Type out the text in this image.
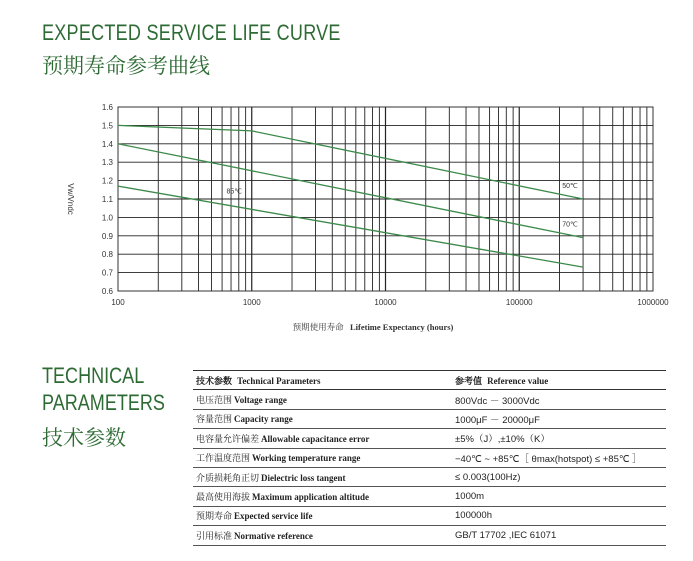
EXPECTED SERVICE LIFE CURVE
预期寿命参考曲线
1.6
1.5
1.4
1.3
1.2
1.1
1.0
0.9
0.8
0.7
0.6
100	1000	10000	100000	1000000
50℃
70℃
85℃
Vw/Vndc
预期使用寿命 Lifetime Expectancy (hours)
TECHNICAL
PARAMETERS
技术参数
技术参数 Technical Parameters	参考值 Reference value
电压范围 Voltage range	800Vdc － 3000Vdc
容量范围 Capacity range	1000μF － 20000μF
电容量允许偏差 Allowable capacitance error	±5%（J）,±10%（K）
工作温度范围 Working temperature range	−40℃ ~ +85℃［ θmax(hotspot) ≤ +85℃ ］
介质损耗角正切 Dielectric loss tangent	≤ 0.003(100Hz)
最高使用海拔 Maximum application altitude	1000m
预期寿命 Expected service life	100000h
引用标准 Normative reference	GB/T 17702 ,IEC 61071
